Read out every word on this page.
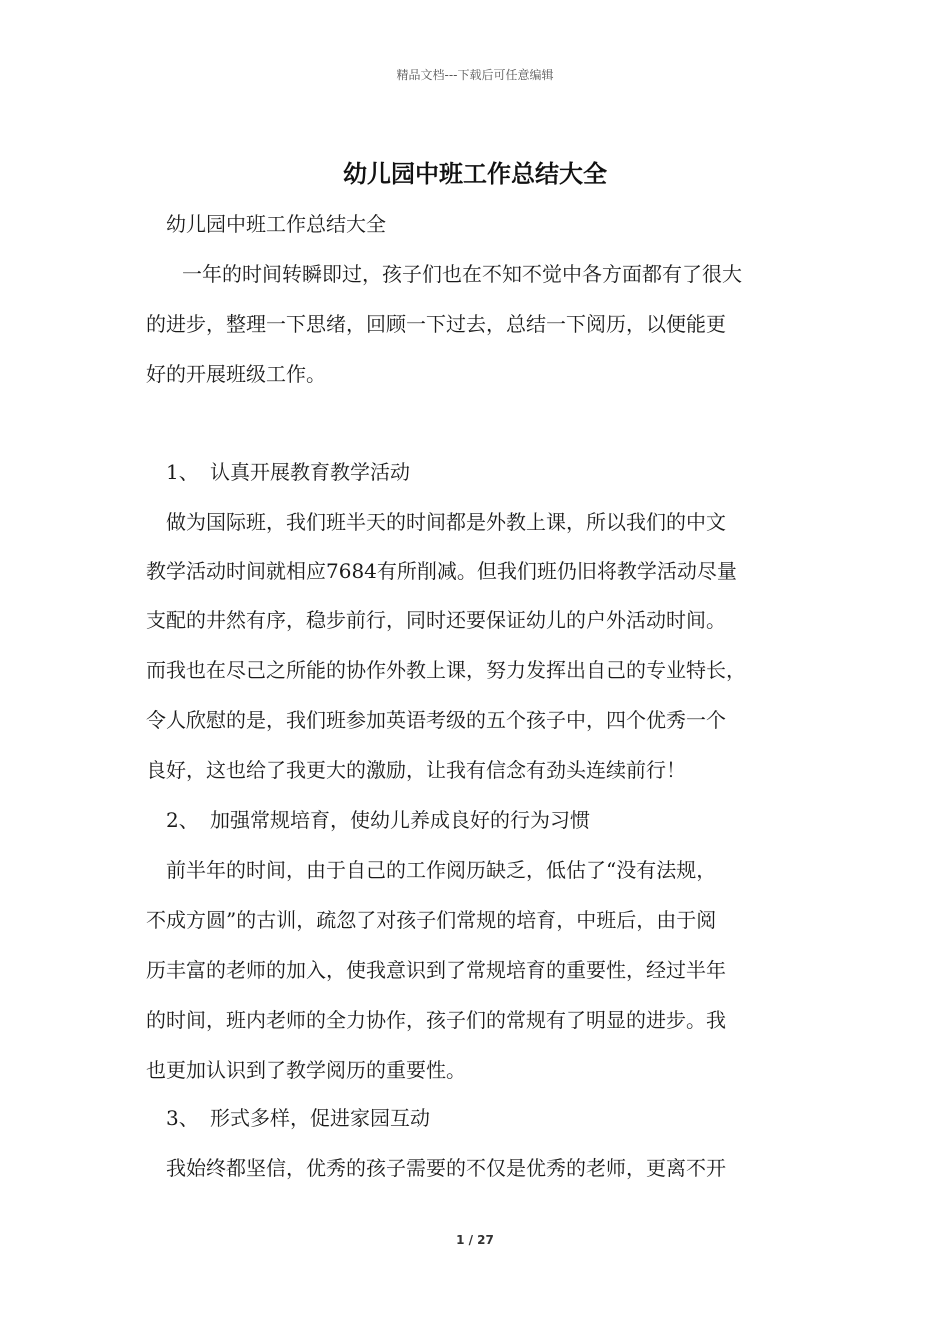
精品文档---下载后可任意编辑
幼儿园中班工作总结大全
幼儿园中班工作总结大全
一年的时间转瞬即过，孩子们也在不知不觉中各方面都有了很大
的进步，整理一下思绪，回顾一下过去，总结一下阅历，以便能更
好的开展班级工作。
1、 认真开展教育教学活动
做为国际班，我们班半天的时间都是外教上课，所以我们的中文
教学活动时间就相应7684有所削减。但我们班仍旧将教学活动尽量
支配的井然有序，稳步前行，同时还要保证幼儿的户外活动时间。
而我也在尽己之所能的协作外教上课，努力发挥出自己的专业特长，
令人欣慰的是，我们班参加英语考级的五个孩子中，四个优秀一个
良好，这也给了我更大的激励，让我有信念有劲头连续前行！
2、 加强常规培育，使幼儿养成良好的行为习惯
前半年的时间，由于自己的工作阅历缺乏，低估了“没有法规，
不成方圆”的古训，疏忽了对孩子们常规的培育，中班后，由于阅
历丰富的老师的加入，使我意识到了常规培育的重要性，经过半年
的时间，班内老师的全力协作，孩子们的常规有了明显的进步。我
也更加认识到了教学阅历的重要性。
3、 形式多样，促进家园互动
我始终都坚信，优秀的孩子需要的不仅是优秀的老师，更离不开
1 / 27
